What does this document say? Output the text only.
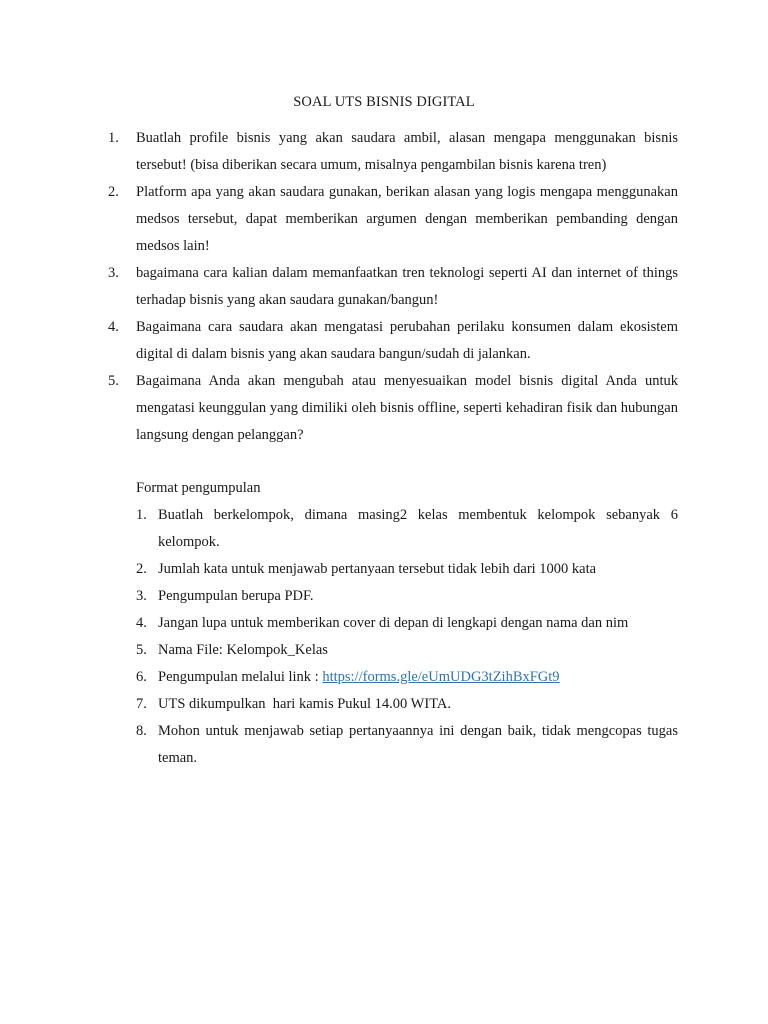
SOAL UTS BISNIS DIGITAL
1. Buatlah profile bisnis yang akan saudara ambil, alasan mengapa menggunakan bisnis tersebut! (bisa diberikan secara umum, misalnya pengambilan bisnis karena tren)
2. Platform apa yang akan saudara gunakan, berikan alasan yang logis mengapa menggunakan medsos tersebut, dapat memberikan argumen dengan memberikan pembanding dengan medsos lain!
3. bagaimana cara kalian dalam memanfaatkan tren teknologi seperti AI dan internet of things terhadap bisnis yang akan saudara gunakan/bangun!
4. Bagaimana cara saudara akan mengatasi perubahan perilaku konsumen dalam ekosistem digital di dalam bisnis yang akan saudara bangun/sudah di jalankan.
5. Bagaimana Anda akan mengubah atau menyesuaikan model bisnis digital Anda untuk mengatasi keunggulan yang dimiliki oleh bisnis offline, seperti kehadiran fisik dan hubungan langsung dengan pelanggan?
Format pengumpulan
1. Buatlah berkelompok, dimana masing2 kelas membentuk kelompok sebanyak 6 kelompok.
2. Jumlah kata untuk menjawab pertanyaan tersebut tidak lebih dari 1000 kata
3. Pengumpulan berupa PDF.
4. Jangan lupa untuk memberikan cover di depan di lengkapi dengan nama dan nim
5. Nama File: Kelompok_Kelas
6. Pengumpulan melalui link : https://forms.gle/eUmUDG3tZihBxFGt9
7. UTS dikumpulkan  hari kamis Pukul 14.00 WITA.
8. Mohon untuk menjawab setiap pertanyaannya ini dengan baik, tidak mengcopas tugas teman.
